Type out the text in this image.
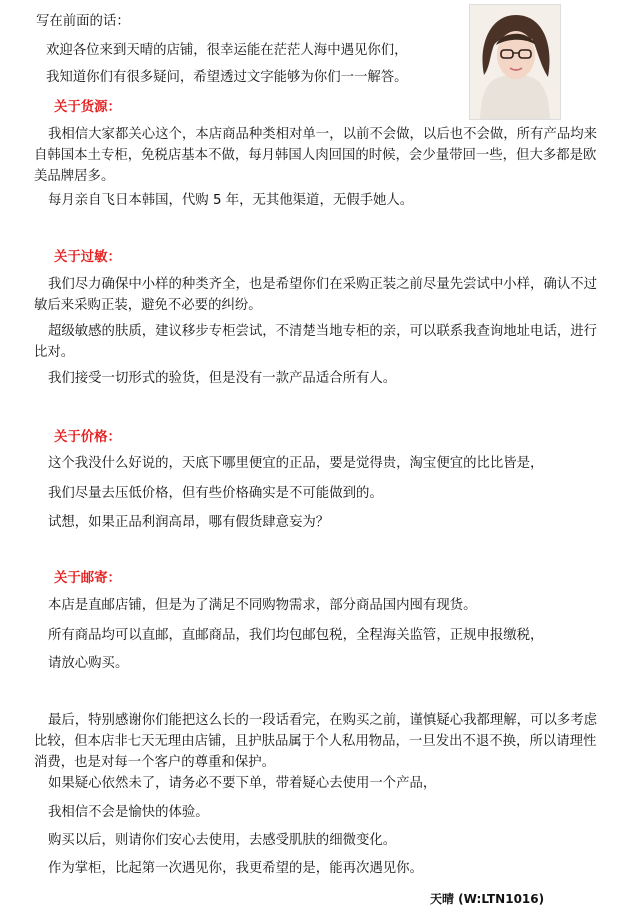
写在前面的话：
欢迎各位来到天晴的店铺，很幸运能在茫茫人海中遇见你们，
我知道你们有很多疑问，希望透过文字能够为你们一一解答。
关于货源：
我相信大家都关心这个，本店商品种类相对单一，以前不会做，以后也不会做，所有产品均来自韩国本土专柜，免税店基本不做，每月韩国人肉回国的时候，会少量带回一些，但大多都是欧美品牌居多。
每月亲自飞日本韩国，代购 5 年，无其他渠道，无假手她人。
关于过敏：
我们尽力确保中小样的种类齐全，也是希望你们在采购正装之前尽量先尝试中小样，确认不过敏后来采购正装，避免不必要的纠纷。
超级敏感的肤质，建议移步专柜尝试，不清楚当地专柜的亲，可以联系我查询地址电话，进行比对。
我们接受一切形式的验货，但是没有一款产品适合所有人。
关于价格：
这个我没什么好说的，天底下哪里便宜的正品，要是觉得贵，淘宝便宜的比比皆是，
我们尽量去压低价格，但有些价格确实是不可能做到的。
试想，如果正品利润高昂，哪有假货肆意妄为？
关于邮寄：
本店是直邮店铺，但是为了满足不同购物需求，部分商品国内囤有现货。
所有商品均可以直邮，直邮商品，我们均包邮包税，全程海关监管，正规申报缴税，
请放心购买。
最后，特别感谢你们能把这么长的一段话看完，在购买之前，谨慎疑心我都理解，可以多考虑比较，但本店非七天无理由店铺，且护肤品属于个人私用物品，一旦发出不退不换，所以请理性消费，也是对每一个客户的尊重和保护。
如果疑心依然未了，请务必不要下单，带着疑心去使用一个产品，
我相信不会是愉快的体验。
购买以后，则请你们安心去使用，去感受肌肤的细微变化。
作为掌柜，比起第一次遇见你，我更希望的是，能再次遇见你。
天晴 (W:LTN1016)
